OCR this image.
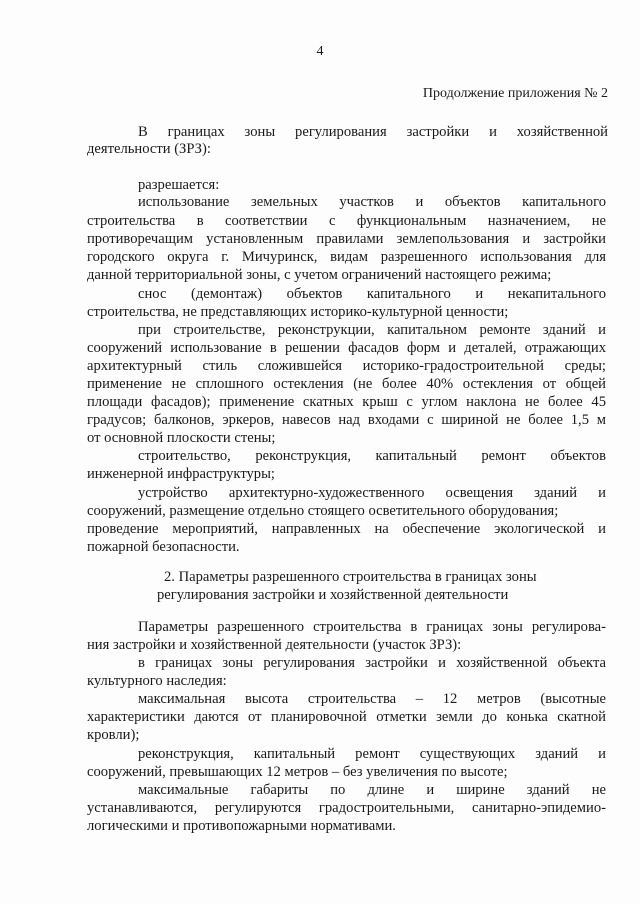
4
Продолжение приложения № 2
В границах зоны регулирования застройки и хозяйственной
деятельности (ЗРЗ):
разрешается:
использование земельных участков и объектов капитального
строительства в соответствии с функциональным назначением, не
противоречащим установленным правилами землепользования и застройки
городского округа г. Мичуринск, видам разрешенного использования для
данной территориальной зоны, с учетом ограничений настоящего режима;
снос (демонтаж) объектов капитального и некапитального
строительства, не представляющих историко-культурной ценности;
при строительстве, реконструкции, капитальном ремонте зданий и
сооружений использование в решении фасадов форм и деталей, отражающих
архитектурный стиль сложившейся историко-градостроительной среды;
применение не сплошного остекления (не более 40% остекления от общей
площади фасадов); применение скатных крыш с углом наклона не более 45
градусов; балконов, эркеров, навесов над входами с шириной не более 1,5 м
от основной плоскости стены;
строительство, реконструкция, капитальный ремонт объектов
инженерной инфраструктуры;
устройство архитектурно-художественного освещения зданий и
сооружений, размещение отдельно стоящего осветительного оборудования;
проведение мероприятий, направленных на обеспечение экологической и
пожарной безопасности.
2. Параметры разрешенного строительства в границах зоны
регулирования застройки и хозяйственной деятельности
Параметры разрешенного строительства в границах зоны регулирова-
ния застройки и хозяйственной деятельности (участок ЗРЗ):
в границах зоны регулирования застройки и хозяйственной объекта
культурного наследия:
максимальная высота строительства – 12 метров (высотные
характеристики даются от планировочной отметки земли до конька скатной
кровли);
реконструкция, капитальный ремонт существующих зданий и
сооружений, превышающих 12 метров – без увеличения по высоте;
максимальные габариты по длине и ширине зданий не
устанавливаются, регулируются градостроительными, санитарно-эпидемио-
логическими и противопожарными нормативами.
